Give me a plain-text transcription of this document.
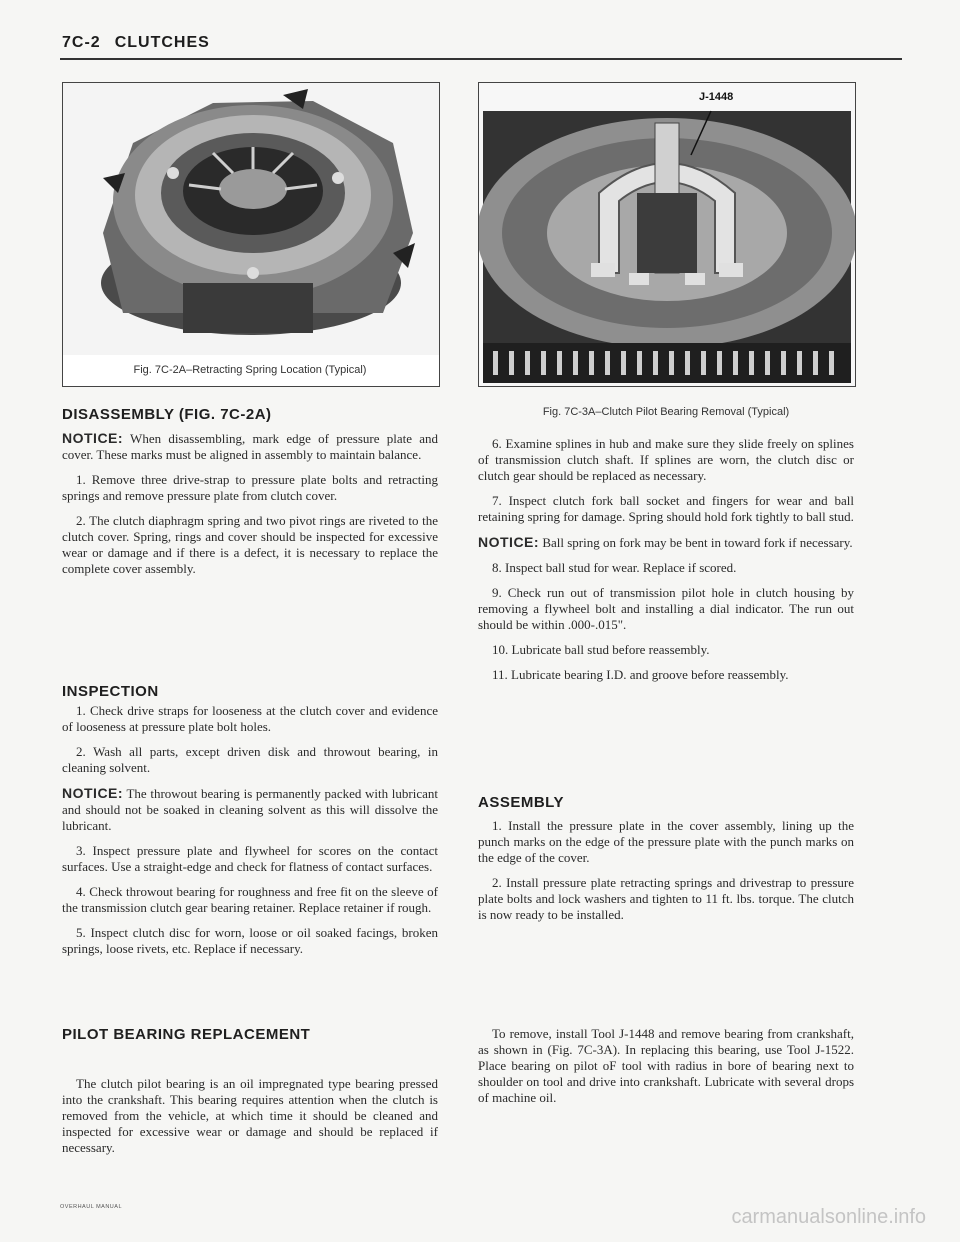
7C-2 CLUTCHES
Fig. 7C-2A–Retracting Spring Location (Typical)
J-1448
Fig. 7C-3A–Clutch Pilot Bearing Removal (Typical)
DISASSEMBLY (FIG. 7C-2A)

NOTICE: When disassembling, mark edge of pressure plate and cover. These marks must be aligned in assembly to maintain balance.

1. Remove three drive-strap to pressure plate bolts and retracting springs and remove pressure plate from clutch cover.

2. The clutch diaphragm spring and two pivot rings are riveted to the clutch cover. Spring, rings and cover should be inspected for excessive wear or damage and if there is a defect, it is necessary to replace the complete cover assembly.

INSPECTION

1. Check drive straps for looseness at the clutch cover and evidence of looseness at pressure plate bolt holes.

2. Wash all parts, except driven disk and throwout bearing, in cleaning solvent.

NOTICE: The throwout bearing is permanently packed with lubricant and should not be soaked in cleaning solvent as this will dissolve the lubricant.

3. Inspect pressure plate and flywheel for scores on the contact surfaces. Use a straight-edge and check for flatness of contact surfaces.

4. Check throwout bearing for roughness and free fit on the sleeve of the transmission clutch gear bearing retainer. Replace retainer if rough.

5. Inspect clutch disc for worn, loose or oil soaked facings, broken springs, loose rivets, etc. Replace if necessary.

PILOT BEARING REPLACEMENT

The clutch pilot bearing is an oil impregnated type bearing pressed into the crankshaft. This bearing requires attention when the clutch is removed from the vehicle, at which time it should be cleaned and inspected for excessive wear or damage and should be replaced if necessary.

6. Examine splines in hub and make sure they slide freely on splines of transmission clutch shaft. If splines are worn, the clutch disc or clutch gear should be replaced as necessary.

7. Inspect clutch fork ball socket and fingers for wear and ball retaining spring for damage. Spring should hold fork tightly to ball stud.

NOTICE: Ball spring on fork may be bent in toward fork if necessary.

8. Inspect ball stud for wear. Replace if scored.

9. Check run out of transmission pilot hole in clutch housing by removing a flywheel bolt and installing a dial indicator. The run out should be within .000-.015".

10. Lubricate ball stud before reassembly.

11. Lubricate bearing I.D. and groove before reassembly.

ASSEMBLY

1. Install the pressure plate in the cover assembly, lining up the punch marks on the edge of the pressure plate with the punch marks on the edge of the cover.

2. Install pressure plate retracting springs and drivestrap to pressure plate bolts and lock washers and tighten to 11 ft. lbs. torque. The clutch is now ready to be installed.

To remove, install Tool J-1448 and remove bearing from crankshaft, as shown in (Fig. 7C-3A). In replacing this bearing, use Tool J-1522. Place bearing on pilot oF tool with radius in bore of bearing next to shoulder on tool and drive into crankshaft. Lubricate with several drops of machine oil.

OVERHAUL MANUAL	carmanualsonline.info
